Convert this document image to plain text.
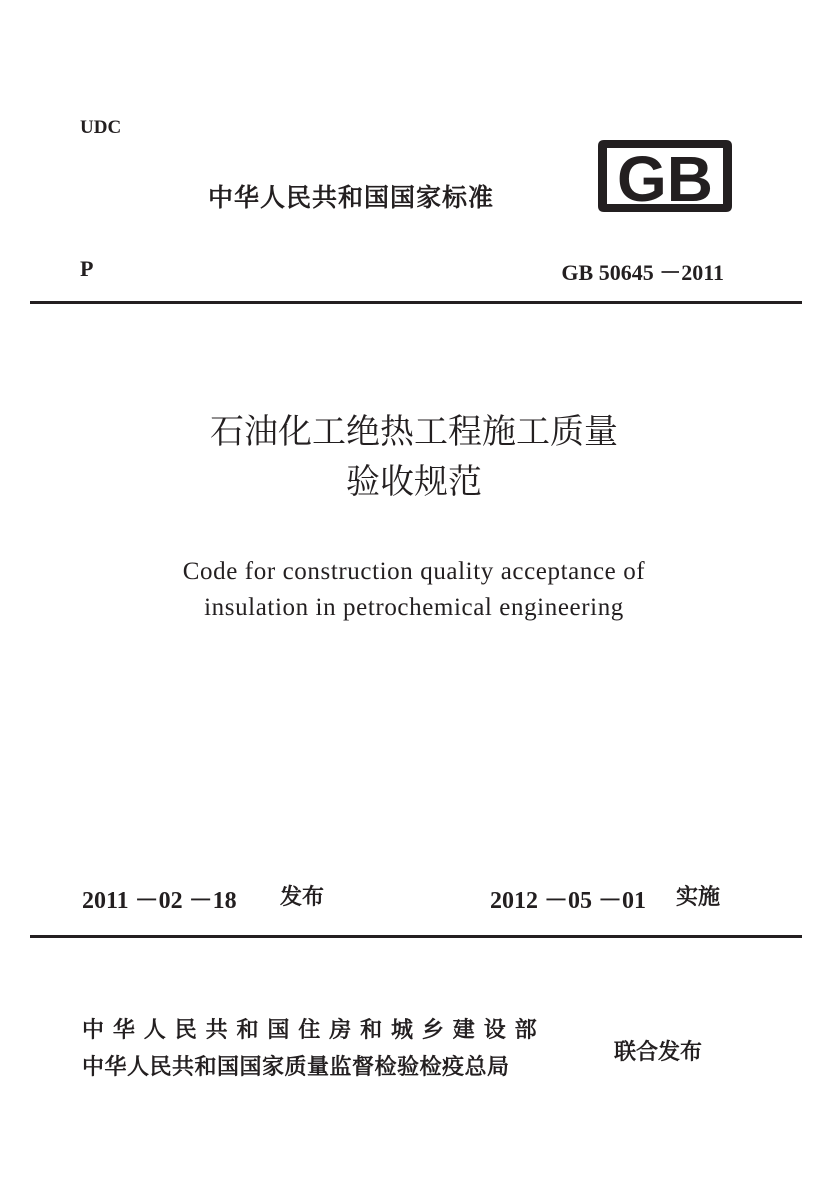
UDC
中华人民共和国国家标准 GB
P	GB 50645 －2011
石油化工绝热工程施工质量
验收规范
Code for construction quality acceptance of
insulation in petrochemical engineering
2011 －02 －18 发布	2012 －05 －01 实施
中华人民共和国住房和城乡建设部
中华人民共和国国家质量监督检验检疫总局
联合发布
